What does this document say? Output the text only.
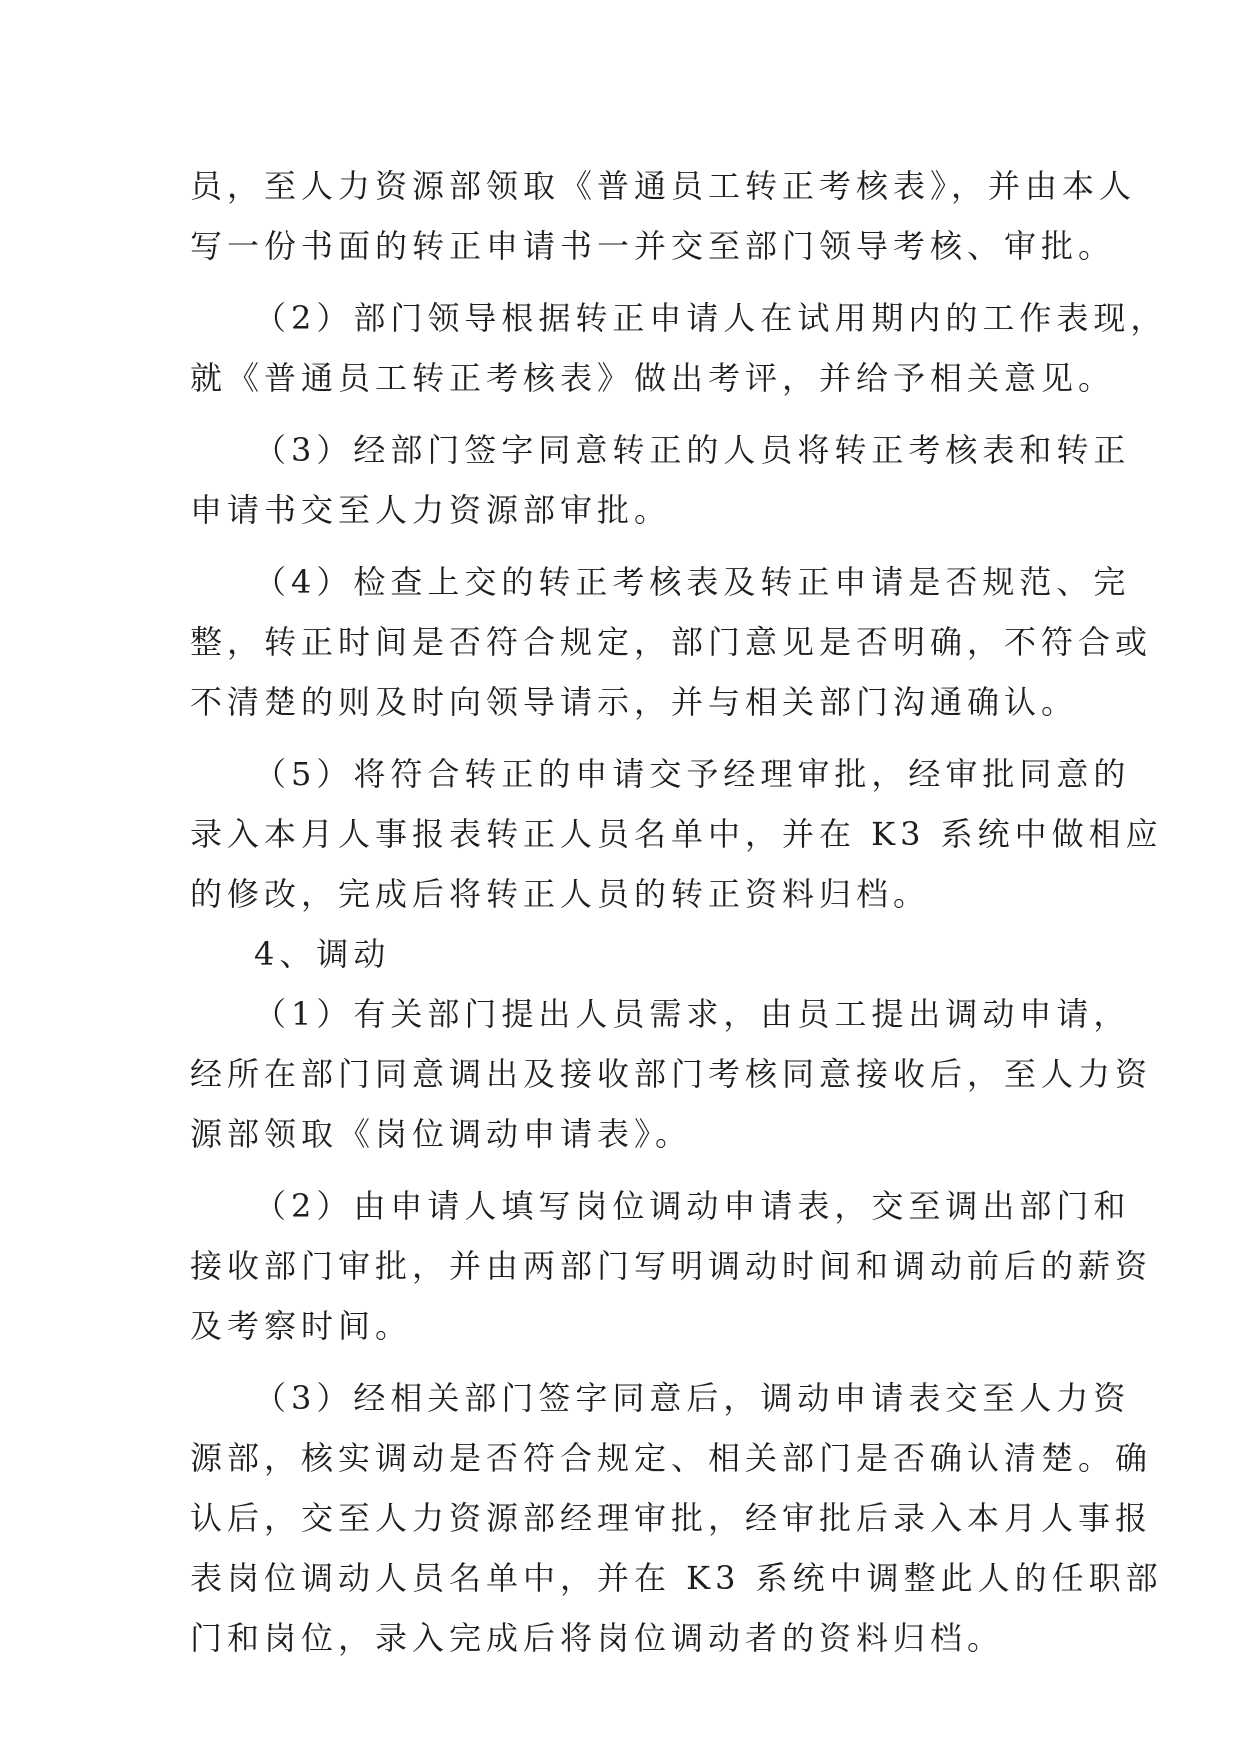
员，至人力资源部领取《普通员工转正考核表》，并由本人
写一份书面的转正申请书一并交至部门领导考核、审批。
（2）部门领导根据转正申请人在试用期内的工作表现，
就《普通员工转正考核表》做出考评，并给予相关意见。
（3）经部门签字同意转正的人员将转正考核表和转正
申请书交至人力资源部审批。
（4）检查上交的转正考核表及转正申请是否规范、完
整，转正时间是否符合规定，部门意见是否明确，不符合或
不清楚的则及时向领导请示，并与相关部门沟通确认。
（5）将符合转正的申请交予经理审批，经审批同意的
录入本月人事报表转正人员名单中，并在 K3 系统中做相应
的修改，完成后将转正人员的转正资料归档。
4、调动
（1）有关部门提出人员需求，由员工提出调动申请，
经所在部门同意调出及接收部门考核同意接收后，至人力资
源部领取《岗位调动申请表》。
（2）由申请人填写岗位调动申请表，交至调出部门和
接收部门审批，并由两部门写明调动时间和调动前后的薪资
及考察时间。
（3）经相关部门签字同意后，调动申请表交至人力资
源部，核实调动是否符合规定、相关部门是否确认清楚。确
认后，交至人力资源部经理审批，经审批后录入本月人事报
表岗位调动人员名单中，并在 K3 系统中调整此人的任职部
门和岗位，录入完成后将岗位调动者的资料归档。
